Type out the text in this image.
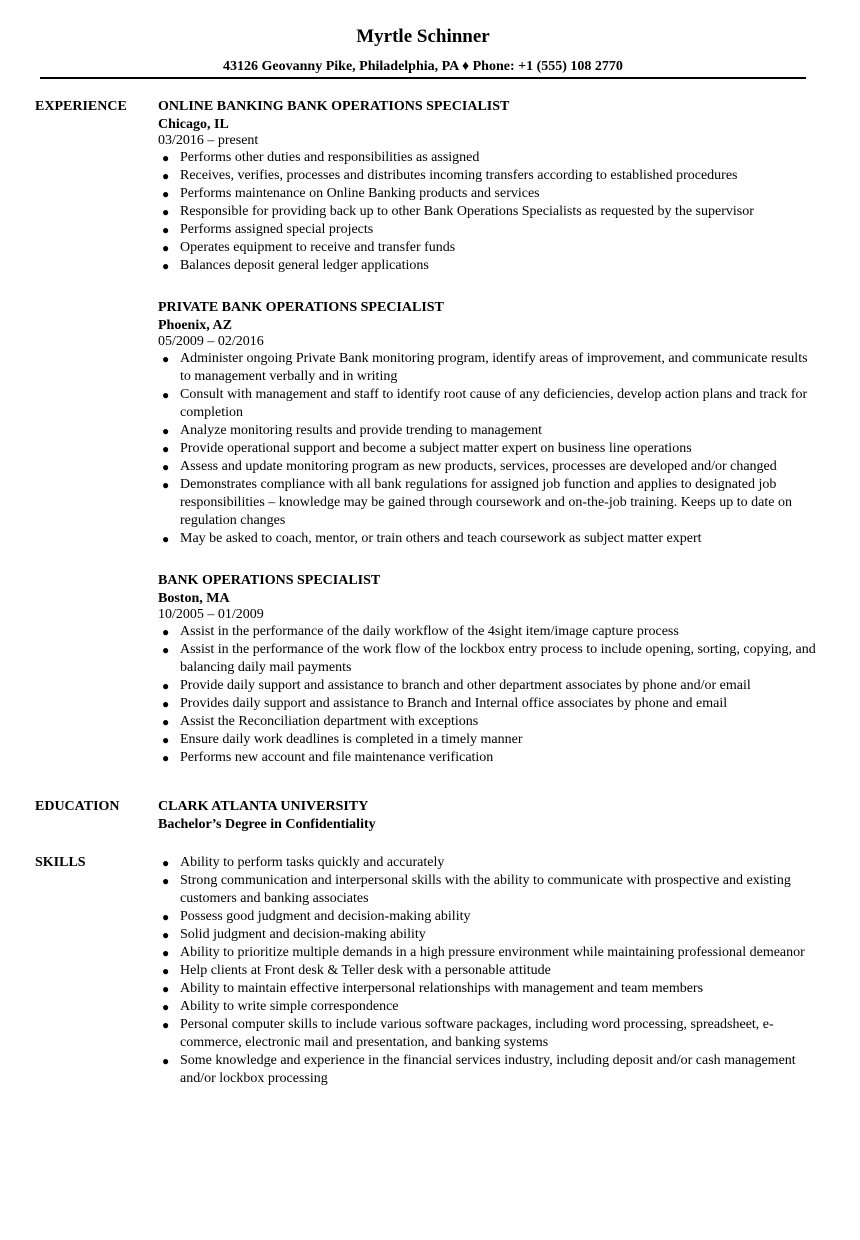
Myrtle Schinner
43126 Geovanny Pike, Philadelphia, PA ♦ Phone: +1 (555) 108 2770
EXPERIENCE ONLINE BANKING BANK OPERATIONS SPECIALIST
Chicago, IL
03/2016 – present
● Performs other duties and responsibilities as assigned
● Receives, verifies, processes and distributes incoming transfers according to established procedures
● Performs maintenance on Online Banking products and services
● Responsible for providing back up to other Bank Operations Specialists as requested by the supervisor
● Performs assigned special projects
● Operates equipment to receive and transfer funds
● Balances deposit general ledger applications
PRIVATE BANK OPERATIONS SPECIALIST
Phoenix, AZ
05/2009 – 02/2016
● Administer ongoing Private Bank monitoring program, identify areas of improvement, and communicate results to management verbally and in writing
● Consult with management and staff to identify root cause of any deficiencies, develop action plans and track for completion
● Analyze monitoring results and provide trending to management
● Provide operational support and become a subject matter expert on business line operations
● Assess and update monitoring program as new products, services, processes are developed and/or changed
● Demonstrates compliance with all bank regulations for assigned job function and applies to designated job responsibilities – knowledge may be gained through coursework and on-the-job training. Keeps up to date on regulation changes
● May be asked to coach, mentor, or train others and teach coursework as subject matter expert
BANK OPERATIONS SPECIALIST
Boston, MA
10/2005 – 01/2009
● Assist in the performance of the daily workflow of the 4sight item/image capture process
● Assist in the performance of the work flow of the lockbox entry process to include opening, sorting, copying, and balancing daily mail payments
● Provide daily support and assistance to branch and other department associates by phone and/or email
● Provides daily support and assistance to Branch and Internal office associates by phone and email
● Assist the Reconciliation department with exceptions
● Ensure daily work deadlines is completed in a timely manner
● Performs new account and file maintenance verification
EDUCATION	CLARK ATLANTA UNIVERSITY
Bachelor’s Degree in Confidentiality
SKILLS	● Ability to perform tasks quickly and accurately
● Strong communication and interpersonal skills with the ability to communicate with prospective and existing customers and banking associates
● Possess good judgment and decision-making ability
● Solid judgment and decision-making ability
● Ability to prioritize multiple demands in a high pressure environment while maintaining professional demeanor
● Help clients at Front desk & Teller desk with a personable attitude
● Ability to maintain effective interpersonal relationships with management and team members
● Ability to write simple correspondence
● Personal computer skills to include various software packages, including word processing, spreadsheet, e-commerce, electronic mail and presentation, and banking systems
● Some knowledge and experience in the financial services industry, including deposit and/or cash management and/or lockbox processing
